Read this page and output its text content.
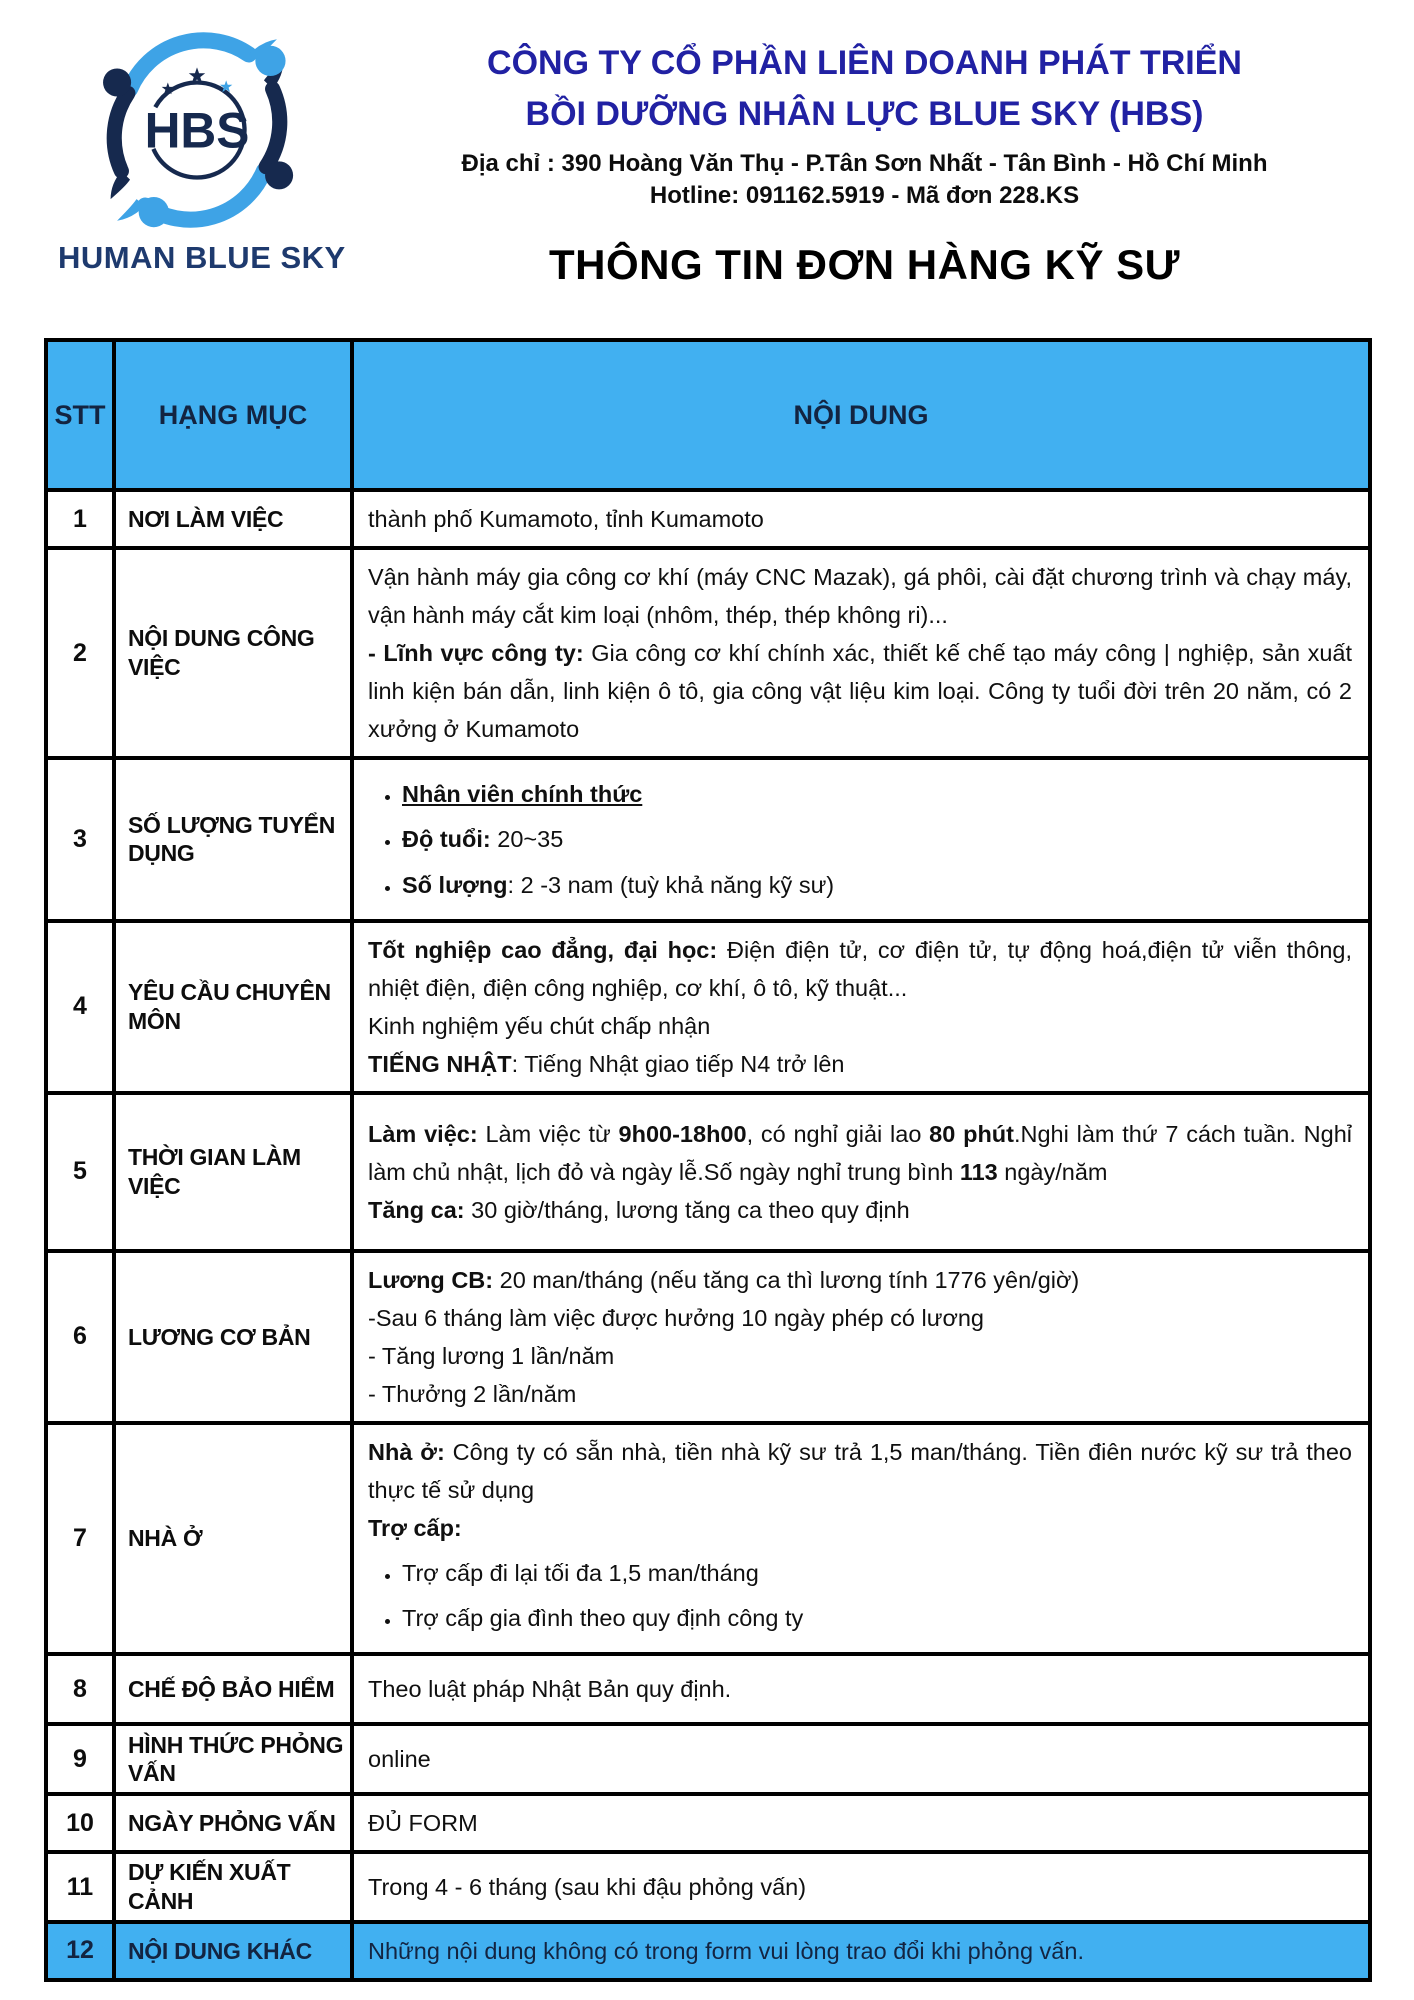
HBS
HUMAN BLUE SKY
CÔNG TY CỔ PHẦN LIÊN DOANH PHÁT TRIỂN
BỒI DƯỠNG NHÂN LỰC BLUE SKY (HBS)
Địa chỉ : 390 Hoàng Văn Thụ - P.Tân Sơn Nhất - Tân Bình - Hồ Chí Minh
Hotline: 091162.5919 - Mã đơn 228.KS
THÔNG TIN ĐƠN HÀNG KỸ SƯ
STT	HẠNG MỤC	NỘI DUNG
1	NƠI LÀM VIỆC	thành phố Kumamoto, tỉnh Kumamoto

2	NỘI DUNG CÔNG VIỆC	Vận hành máy gia công cơ khí (máy CNC Mazak), gá phôi, cài đặt chương trình và chạy máy, vận hành máy cắt kim loại (nhôm, thép, thép không ri)...

- Lĩnh vực công ty: Gia công cơ khí chính xác, thiết kế chế tạo máy công | nghiệp, sản xuất linh kiện bán dẫn, linh kiện ô tô, gia công vật liệu kim loại. Công ty tuổi đời trên 20 năm, có 2 xưởng ở Kumamoto

3	SỐ LƯỢNG TUYỂN DỤNG	
• Nhân viên chính thức
• Độ tuổi: 20~35
• Số lượng: 2 -3 nam (tuỳ khả năng kỹ sư)

4	YÊU CẦU CHUYÊN MÔN	Tốt nghiệp cao đẳng, đại học: Điện điện tử, cơ điện tử, tự động hoá,điện tử viễn thông, nhiệt điện, điện công nghiệp, cơ khí, ô tô, kỹ thuật...

Kinh nghiệm yếu chút chấp nhận

TIẾNG NHẬT: Tiếng Nhật giao tiếp N4 trở lên

5	THỜI GIAN LÀM VIỆC	Làm việc: Làm việc từ 9h00-18h00, có nghỉ giải lao 80 phút.Nghi làm thứ 7 cách tuần. Nghỉ làm chủ nhật, lịch đỏ và ngày lễ.Số ngày nghỉ trung bình 113 ngày/năm

Tăng ca: 30 giờ/tháng, lương tăng ca theo quy định

6	LƯƠNG CƠ BẢN	Lương CB: 20 man/tháng (nếu tăng ca thì lương tính 1776 yên/giờ)

-Sau 6 tháng làm việc được hưởng 10 ngày phép có lương

- Tăng lương 1 lần/năm

- Thưởng 2 lần/năm

7	NHÀ Ở	

Nhà ở: Công ty có sẵn nhà, tiền nhà kỹ sư trả 1,5 man/tháng. Tiền điên nước kỹ sư trả theo thực tế sử dụng

Trợ cấp:

• Trợ cấp đi lại tối đa 1,5 man/tháng
• Trợ cấp gia đình theo quy định công ty

8	CHẾ ĐỘ BẢO HIỂM	Theo luật pháp Nhật Bản quy định.

9	HÌNH THỨC PHỎNG VẤN	online

10	NGÀY PHỎNG VẤN	ĐỦ FORM

11	DỰ KIẾN XUẤT CẢNH	Trong 4 - 6 tháng (sau khi đậu phỏng vấn)

12	NỘI DUNG KHÁC	Những nội dung không có trong form vui lòng trao đổi khi phỏng vấn.
